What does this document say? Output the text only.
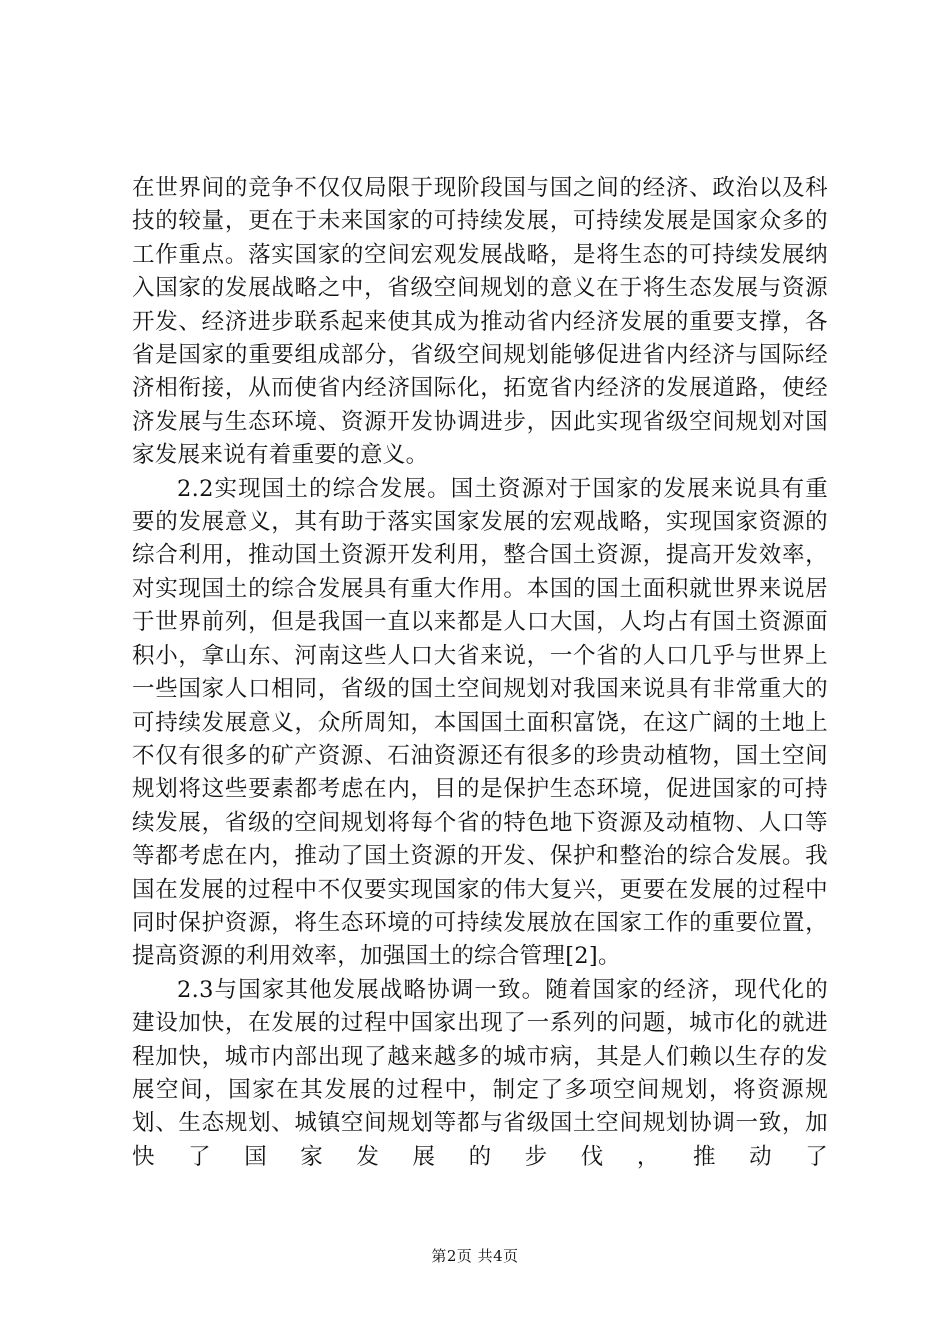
在世界间的竞争不仅仅局限于现阶段国与国之间的经济、政治以及科技的较量，更在于未来国家的可持续发展，可持续发展是国家众多的工作重点。落实国家的空间宏观发展战略，是将生态的可持续发展纳入国家的发展战略之中，省级空间规划的意义在于将生态发展与资源开发、经济进步联系起来使其成为推动省内经济发展的重要支撑，各省是国家的重要组成部分，省级空间规划能够促进省内经济与国际经济相衔接，从而使省内经济国际化，拓宽省内经济的发展道路，使经济发展与生态环境、资源开发协调进步，因此实现省级空间规划对国家发展来说有着重要的意义。

2.2实现国土的综合发展。国土资源对于国家的发展来说具有重要的发展意义，其有助于落实国家发展的宏观战略，实现国家资源的综合利用，推动国土资源开发利用，整合国土资源，提高开发效率，对实现国土的综合发展具有重大作用。本国的国土面积就世界来说居于世界前列，但是我国一直以来都是人口大国，人均占有国土资源面积小，拿山东、河南这些人口大省来说，一个省的人口几乎与世界上一些国家人口相同，省级的国土空间规划对我国来说具有非常重大的可持续发展意义，众所周知，本国国土面积富饶，在这广阔的土地上不仅有很多的矿产资源、石油资源还有很多的珍贵动植物，国土空间规划将这些要素都考虑在内，目的是保护生态环境，促进国家的可持续发展，省级的空间规划将每个省的特色地下资源及动植物、人口等等都考虑在内，推动了国土资源的开发、保护和整治的综合发展。我国在发展的过程中不仅要实现国家的伟大复兴，更要在发展的过程中同时保护资源，将生态环境的可持续发展放在国家工作的重要位置，提高资源的利用效率，加强国土的综合管理[2]。

2.3与国家其他发展战略协调一致。随着国家的经济，现代化的建设加快，在发展的过程中国家出现了一系列的问题，城市化的就进程加快，城市内部出现了越来越多的城市病，其是人们赖以生存的发展空间，国家在其发展的过程中，制定了多项空间规划，将资源规划、生态规划、城镇空间规划等都与省级国土空间规划协调一致，加快了国家发展的步伐，推动了

第2页 共4页
